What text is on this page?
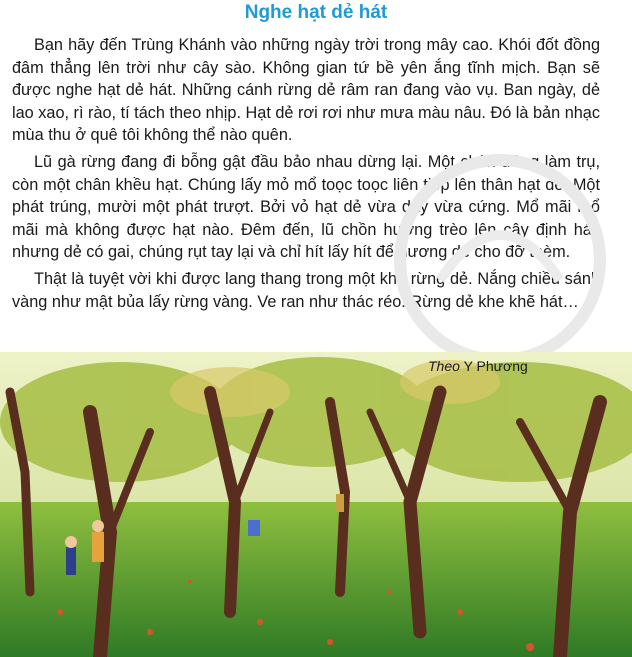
Nghe hạt dẻ hát

Bạn hãy đến Trùng Khánh vào những ngày trời trong mây cao. Khói đốt đồng đâm thẳng lên trời như cây sào. Không gian tứ bề yên ắng tĩnh mịch. Bạn sẽ được nghe hạt dẻ hát. Những cánh rừng dẻ râm ran đang vào vụ. Ban ngày, dẻ lao xao, rì rào, tí tách theo nhịp. Hạt dẻ rơi rơi như mưa màu nâu. Đó là bản nhạc mùa thu ở quê tôi không thể nào quên.

Lũ gà rừng đang đi bỗng gật đầu bảo nhau dừng lại. Một chân đứng làm trụ, còn một chân khều hạt. Chúng lấy mỏ mổ toọc toọc liên tiếp lên thân hạt dẻ. Một phát trúng, mười một phát trượt. Bởi vỏ hạt dẻ vừa dày vừa cứng. Mổ mãi mổ mãi mà không được hạt nào. Đêm đến, lũ chồn hương trèo lên cây định hái, nhưng dẻ có gai, chúng rụt tay lại và chỉ hít lấy hít để hương dẻ cho đỡ thèm.

Thật là tuyệt vời khi được lang thang trong một khu rừng dẻ. Nắng chiều sánh vàng như mật bủa lấy rừng vàng. Ve ran như thác réo. Rừng dẻ khe khẽ hát…

Theo Y Phương
